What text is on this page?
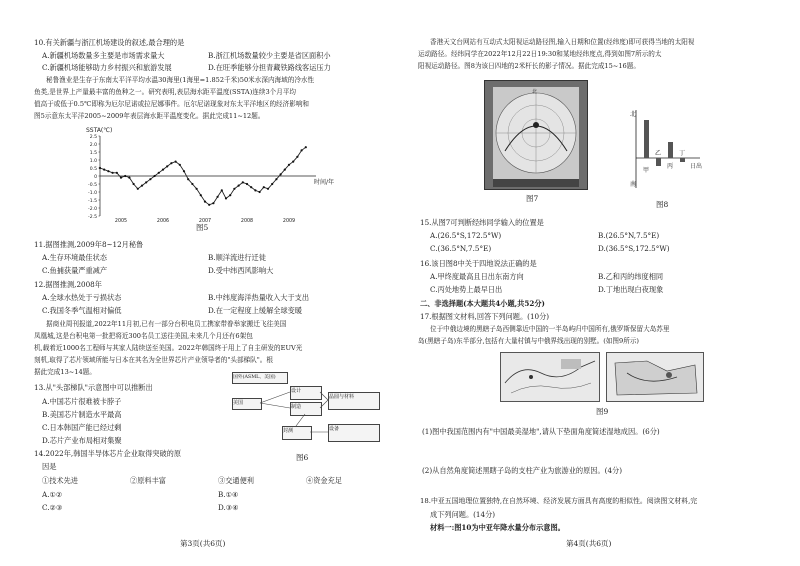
10.有关新疆与浙江机场建设的叙述,最合理的是
A.新疆机场数量多主要是市场需求量大	B.浙江机场数量较少主要是省区面积小
C.新疆机场能够助力乡村振兴和旅游发展	D.在旺季能够分担青藏铁路线客运压力
秘鲁渔业是生存于东南太平洋平均水温30海里(1海里=1.852千米)50米水深内海域的冷水性
鱼类,是世界上产量最丰富的鱼种之一。研究表明,表层海水距平温度(SSTA)连续3个月平均
值高于或低于0.5℃即称为厄尔尼诺或拉尼娜事件。厄尔尼诺现象对东太平洋地区的经济影响和
图5示意东太平洋2005~2009年表层海水距平温度变化。据此完成11~12题。
SSTA(℃)
2.5
2.0
1.5
1.0
0.5
0
-0.5
-1.0
-1.5
-2.0
-2.5
2005	2006	2007	2008	2009
时间/年
图5
11.据图推测,2009年8~12月秘鲁
A.生存环境最佳状态	B.顺洋流进行迁徙
C.鱼捕获量严重减产	D.受中纬西风影响大
12.据图推测,2008年
A.全球水热处于亏损状态	B.中纬度海洋热量收入大于支出
C.我国冬季气温相对偏低	D.在一定程度上缓解全球变暖
据商业周刊报道,2022年11月初,已有一部分台积电员工携家带眷举家搬迁飞往美国
凤凰城,这是台积电第一批把将近300名员工送往美国,未来几个月还有6架包
机,载着近1000名工程师与其家人陆续送至美国。2022年韩国终于用上了自主研发的EUV光
刻机,取得了芯片领域所能与日本在其名为全世界芯片产业领导者的"头部梯队"。根
据此完成13~14题。
13.从"头部梯队"示意图中可以推断出
A.中国芯片很难被卡脖子
B.美国芯片制造水平最高
C.日本韩国产能已经过剩
D.芯片产业布局相对集聚
国外(ASML、美国)
美国
设计
制造
晶圆与材料
封测	设备
图6
14.2022年,韩国半导体芯片企业取得突破的原
因是
①技术先进	②原料丰富	③交通便利	④资金充足
A.①②	B.①④
C.②③	D.③④
第3页(共6页)
香港天文台网站有互动式太阳视运动路径图,输入日期和位置(经纬度)即可获得当地的太阳视
运动路径。经纬同学在2022年12月22日19:30和某地经纬度点,得到如图7所示的太
阳视运动路径。图8为该日四地的2米杆长的影子情况。据此完成15~16题。
北
图7
北
南
甲
乙
丙
丁
日出
图8
15.从图7可判断经纬同学输入的位置是
A.(26.5°S,172.5°W)	B.(26.5°N,7.5°E)
C.(36.5°N,7.5°E)	D.(36.5°S,172.5°W)
16.该日图8中关于四地说法正确的是
A.甲终度最高且日出东南方向	B.乙和丙的纬度相同
C.丙处地势上最早日出	D.丁地出现白夜现象
二、非选择题(本大题共4小题,共52分)
17.根据图文材料,回答下列问题。(10分)
位于中俄边境的黑瞎子岛西侧靠近中国的一半岛屿归中国所有,俄罗斯保留大岛苏里
岛(黑瞎子岛)东半部分,包括有大量村镇与中俄界线出现的别墅。(如图9所示)
图9
(1)图中我国范围内有"中国最美湿地",请从下垫面角度简述湿地成因。(6分)
(2)从自然角度简述黑瞎子岛的支柱产业为旅游业的原因。(4分)
18.中亚五国地理位置独特,在自然环境、经济发展方面具有高度的相似性。阅读图文材料,完
成下列问题。(14分)
材料一:图10为中亚年降水量分布示意图。
第4页(共6页)
